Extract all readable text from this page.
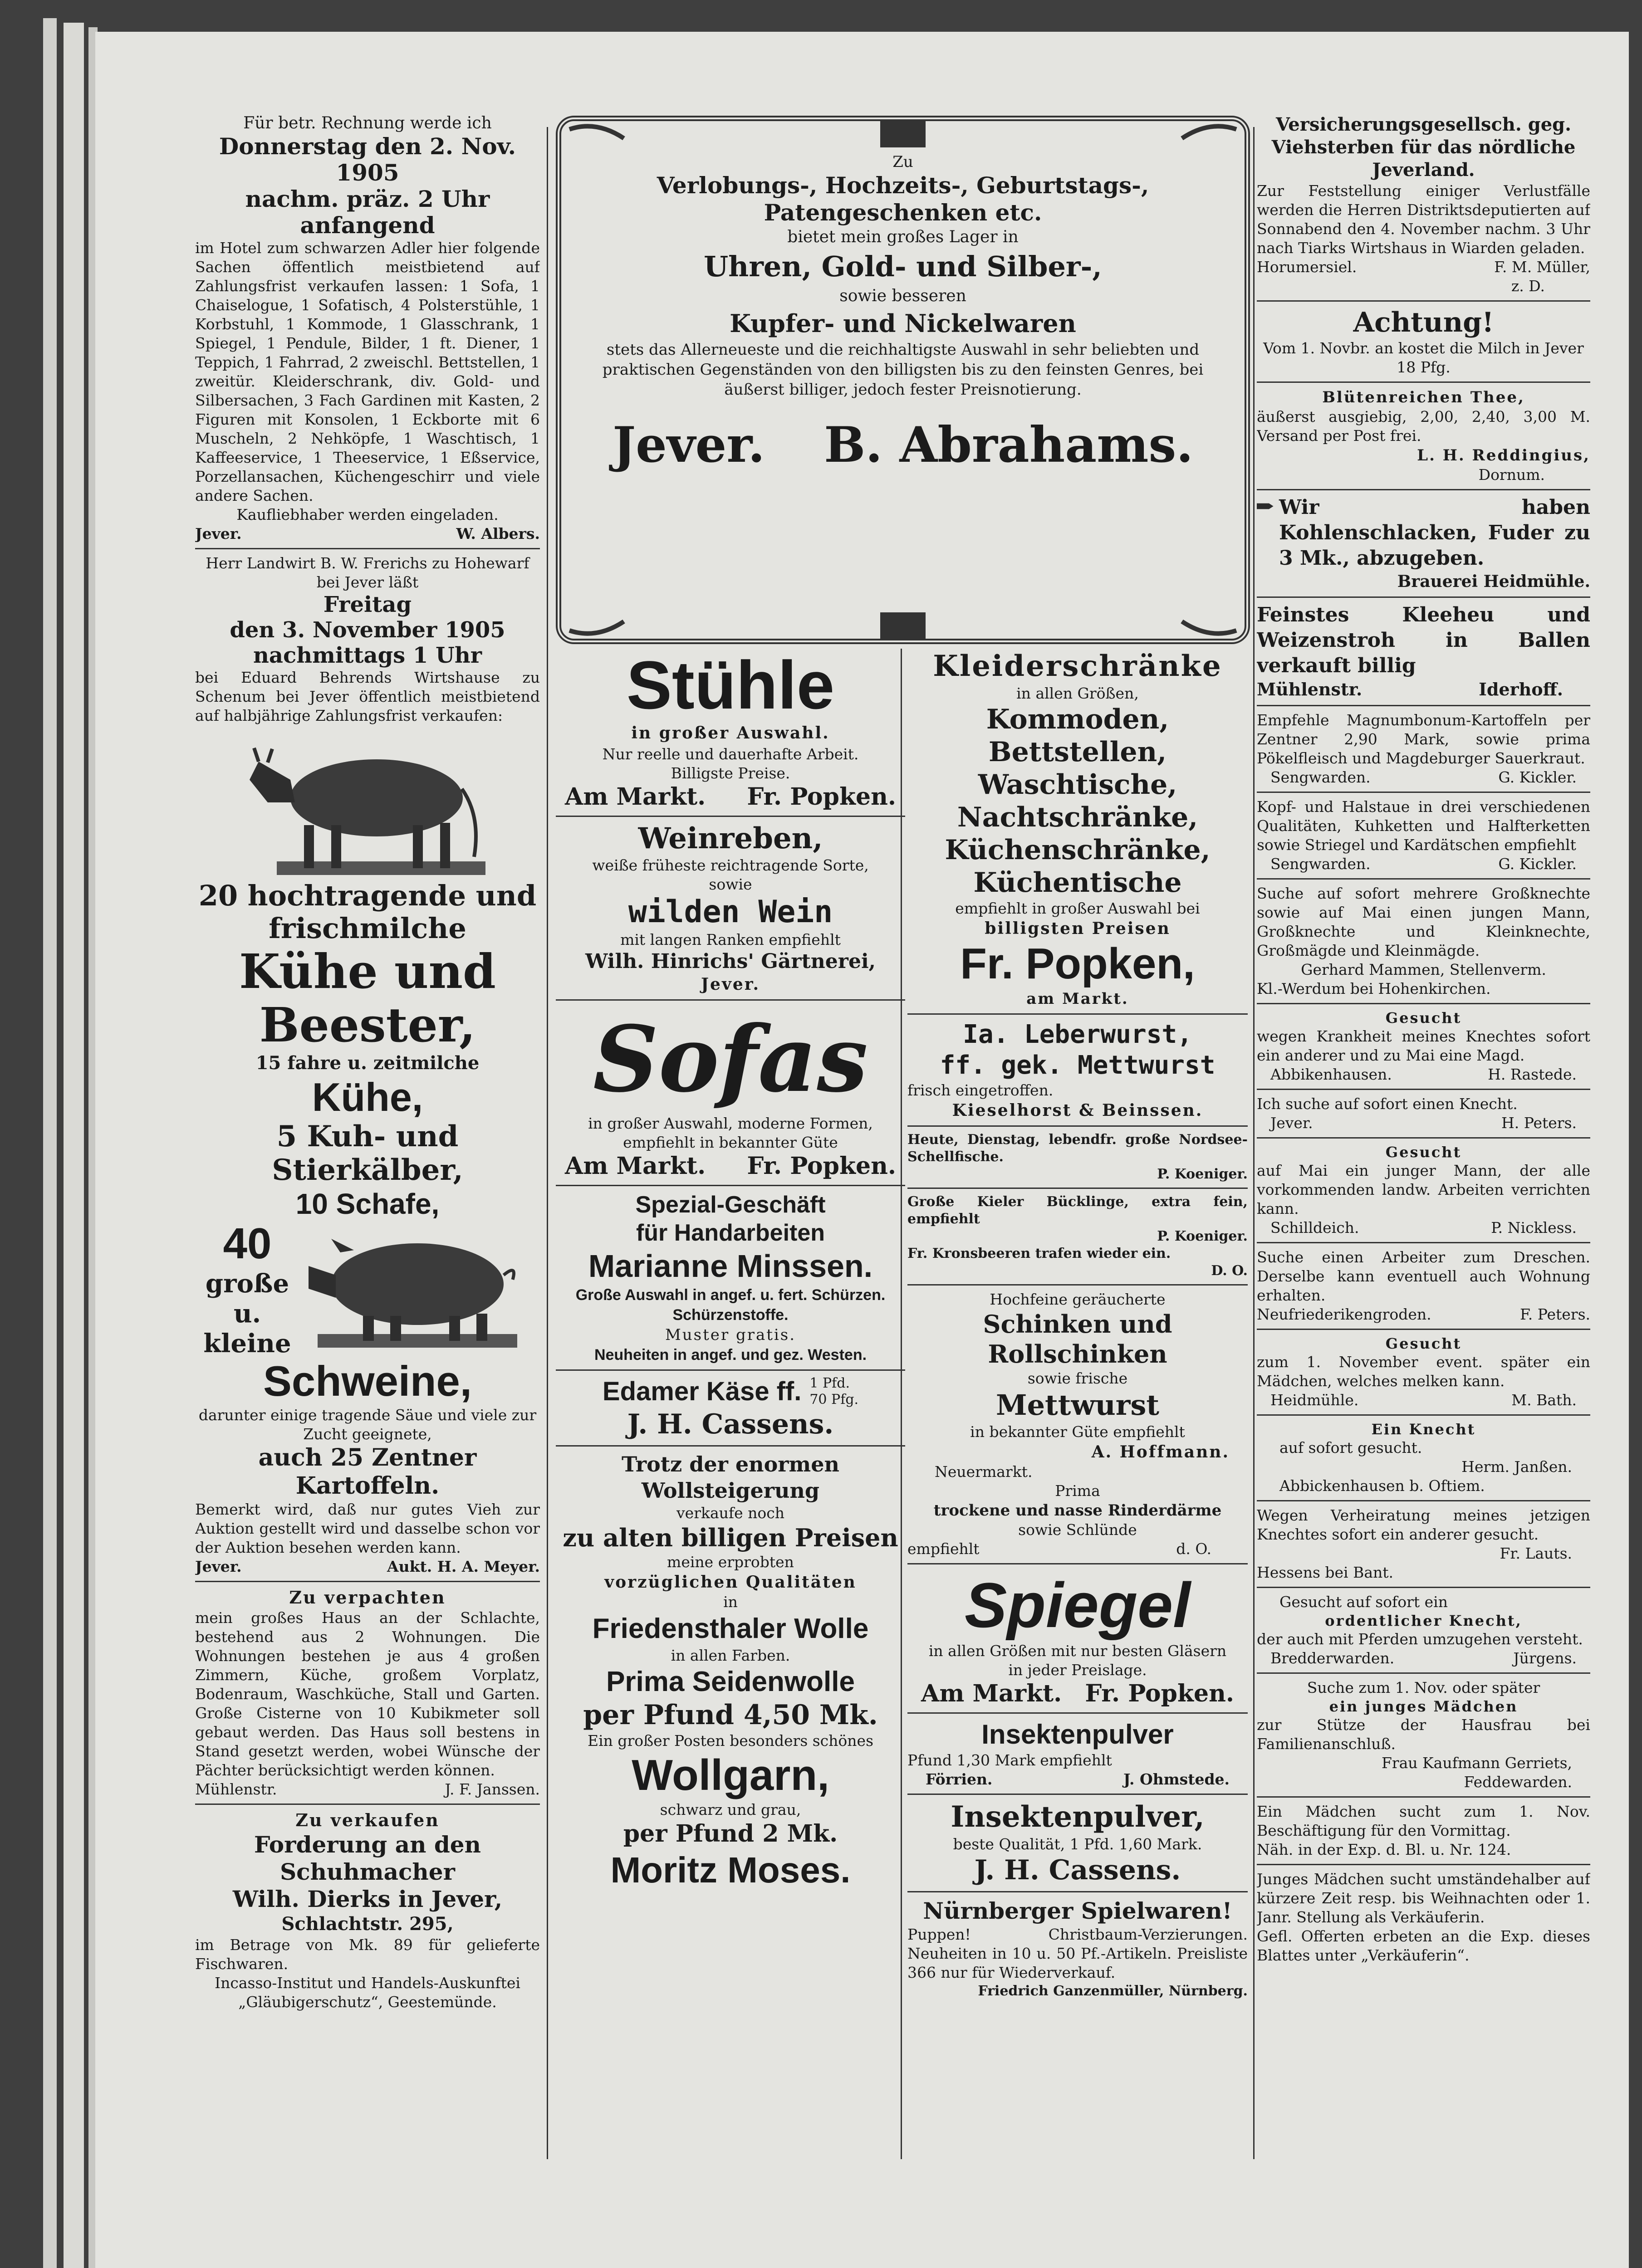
Für betr. Rechnung werde ich
Donnerstag den 2. Nov. 1905
nachm. präz. 2 Uhr anfangend
im Hotel zum schwarzen Adler hier folgende Sachen öffentlich meistbietend auf Zahlungsfrist verkaufen lassen: 1 Sofa, 1 Chaiselogue, 1 Sofatisch, 4 Polsterstühle, 1 Korbstuhl, 1 Kommode, 1 Glasschrank, 1 Spiegel, 1 Pendule, Bilder, 1 ft. Diener, 1 Teppich, 1 Fahrrad, 2 zweischl. Bettstellen, 1 zweitür. Kleiderschrank, div. Gold- und Silbersachen, 3 Fach Gardinen mit Kasten, 2 Figuren mit Konsolen, 1 Eckborte mit 6 Muscheln, 2 Nehköpfe, 1 Waschtisch, 1 Kaffeeservice, 1 Theeservice, 1 Eßservice, Porzellansachen, Küchengeschirr und viele andere Sachen.
Kaufliebhaber werden eingeladen.
Jever.	W. Albers.
Herr Landwirt B. W. Frerichs zu Hohewarf bei Jever läßt
Freitag
den 3. November 1905
nachmittags 1 Uhr
bei Eduard Behrends Wirtshause zu Schenum bei Jever öffentlich meistbietend auf halbjährige Zahlungsfrist verkaufen:
20 hochtragende und frischmilche
Kühe und Beester,
15 fahre u. zeitmilche
Kühe,
5 Kuh- und Stierkälber,
10 Schafe,
40
große u. kleine
Schweine,
darunter einige tragende Säue und viele zur Zucht geeignete,
auch 25 Zentner Kartoffeln.
Bemerkt wird, daß nur gutes Vieh zur Auktion gestellt wird und dasselbe schon vor der Auktion besehen werden kann.
Jever.	Aukt. H. A. Meyer.
Zu verpachten
mein großes Haus an der Schlachte, bestehend aus 2 Wohnungen. Die Wohnungen bestehen je aus 4 großen Zimmern, Küche, großem Vorplatz, Bodenraum, Waschküche, Stall und Garten. Große Cisterne von 10 Kubikmeter soll gebaut werden. Das Haus soll bestens in Stand gesetzt werden, wobei Wünsche der Pächter berücksichtigt werden können.
Mühlenstr.	J. F. Janssen.
Zu verkaufen
Forderung an den Schuhmacher
Wilh. Dierks in Jever,
Schlachtstr. 295,
im Betrage von Mk. 89 für gelieferte Fischwaren.
Incasso-Institut und Handels-Auskunftei „Gläubigerschutz“, Geestemünde.
Zu
Verlobungs-, Hochzeits-, Geburtstags-, Patengeschenken etc.
bietet mein großes Lager in
Uhren, Gold- und Silber-,
sowie besseren
Kupfer- und Nickelwaren
stets das Allerneueste und die reichhaltigste Auswahl in sehr beliebten und praktischen Gegenständen von den billigsten bis zu den feinsten Genres, bei äußerst billiger, jedoch fester Preisnotierung.
Jever. B. Abrahams.
Stühle
in großer Auswahl.
Nur reelle und dauerhafte Arbeit.
Billigste Preise.
Am Markt. Fr. Popken.
Weinreben,
weiße früheste reichtragende Sorte,
sowie
wilden Wein
mit langen Ranken empfiehlt
Wilh. Hinrichs' Gärtnerei,
Jever.
Sofas
in großer Auswahl, moderne Formen,
empfiehlt in bekannter Güte
Am Markt. Fr. Popken.
Spezial-Geschäft
für Handarbeiten
Marianne Minssen.
Große Auswahl in angef. u. fert. Schürzen.
Schürzenstoffe.
Muster gratis.
Neuheiten in angef. und gez. Westen.
Edamer Käse ff. 1 Pfd.
70 Pfg.
J. H. Cassens.
Trotz der enormen Wollsteigerung
verkaufe noch
zu alten billigen Preisen
meine erprobten
vorzüglichen Qualitäten
in
Friedensthaler Wolle
in allen Farben.
Prima Seidenwolle
per Pfund 4,50 Mk.
Ein großer Posten besonders schönes
Wollgarn,
schwarz und grau,
per Pfund 2 Mk.
Moritz Moses.
Kleiderschränke
in allen Größen,
Kommoden,
Bettstellen,
Waschtische,
Nachtschränke,
Küchenschränke,
Küchentische
empfiehlt in großer Auswahl bei
billigsten Preisen
Fr. Popken,
am Markt.
Ia. Leberwurst,
ff. gek. Mettwurst
frisch eingetroffen.
Kieselhorst & Beinssen.
Heute, Dienstag, lebendfr. große Nordsee-Schellfische.
P. Koeniger.
Große Kieler Bücklinge, extra fein, empfiehlt
P. Koeniger.
Fr. Kronsbeeren trafen wieder ein.
D. O.
Hochfeine geräucherte
Schinken und Rollschinken
sowie frische
Mettwurst
in bekannter Güte empfiehlt
A. Hoffmann.
Neuermarkt.
Prima
trockene und nasse Rinderdärme
sowie Schlünde
empfiehlt	d. O.
Spiegel
in allen Größen mit nur besten Gläsern
in jeder Preislage.
Am Markt. Fr. Popken.
Insektenpulver
Pfund 1,30 Mark empfiehlt
Förrien.	J. Ohmstede.
Insektenpulver,
beste Qualität, 1 Pfd. 1,60 Mark.
J. H. Cassens.
Nürnberger Spielwaren!
Puppen! Christbaum-Verzierungen. Neuheiten in 10 u. 50 Pf.-Artikeln. Preisliste 366 nur für Wiederverkauf.
Friedrich Ganzenmüller, Nürnberg.
Versicherungsgesellsch. geg. Viehsterben für das nördliche Jeverland.
Zur Feststellung einiger Verlustfälle werden die Herren Distriktsdeputierten auf Sonnabend den 4. November nachm. 3 Uhr nach Tiarks Wirtshaus in Wiarden geladen.
Horumersiel.	F. M. Müller,
z. D.
Achtung!
Vom 1. Novbr. an kostet die Milch in Jever 18 Pfg.
Blütenreichen Thee,
äußerst ausgiebig, 2,00, 2,40, 3,00 M. Versand per Post frei.
L. H. Reddingius,
Dornum.
Wir haben Kohlenschlacken, Fuder zu 3 Mk., abzugeben.
Brauerei Heidmühle.
Feinstes Kleeheu und Weizenstroh in Ballen verkauft billig
Mühlenstr.	Iderhoff.
Empfehle Magnumbonum-Kartoffeln per Zentner 2,90 Mark, sowie prima Pökelfleisch und Magdeburger Sauerkraut.
Sengwarden.	G. Kickler.
Kopf- und Halstaue in drei verschiedenen Qualitäten, Kuhketten und Halfterketten sowie Striegel und Kardätschen empfiehlt
Sengwarden.	G. Kickler.
Suche auf sofort mehrere Großknechte sowie auf Mai einen jungen Mann, Großknechte und Kleinknechte, Großmägde und Kleinmägde.
Gerhard Mammen, Stellenverm.
Kl.-Werdum bei Hohenkirchen.
Gesucht
wegen Krankheit meines Knechtes sofort ein anderer und zu Mai eine Magd.
Abbikenhausen.	H. Rastede.
Ich suche auf sofort einen Knecht.
Jever.	H. Peters.
Gesucht
auf Mai ein junger Mann, der alle vorkommenden landw. Arbeiten verrichten kann.
Schilldeich.	P. Nickless.
Suche einen Arbeiter zum Dreschen. Derselbe kann eventuell auch Wohnung erhalten.
Neufriederikengroden.	F. Peters.
Gesucht
zum 1. November event. später ein Mädchen, welches melken kann.
Heidmühle.	M. Bath.
Ein Knecht
auf sofort gesucht.
Herm. Janßen.
Abbickenhausen b. Oftiem.
Wegen Verheiratung meines jetzigen Knechtes sofort ein anderer gesucht.
Fr. Lauts.
Hessens bei Bant.
Gesucht auf sofort ein
ordentlicher Knecht,
der auch mit Pferden umzugehen versteht.
Bredderwarden.	Jürgens.
Suche zum 1. Nov. oder später
ein junges Mädchen
zur Stütze der Hausfrau bei Familienanschluß.
Frau Kaufmann Gerriets,
Feddewarden.
Ein Mädchen sucht zum 1. Nov. Beschäftigung für den Vormittag.
Näh. in der Exp. d. Bl. u. Nr. 124.
Junges Mädchen sucht umständehalber auf kürzere Zeit resp. bis Weihnachten oder 1. Janr. Stellung als Verkäuferin.
Gefl. Offerten erbeten an die Exp. dieses Blattes unter „Verkäuferin“.
